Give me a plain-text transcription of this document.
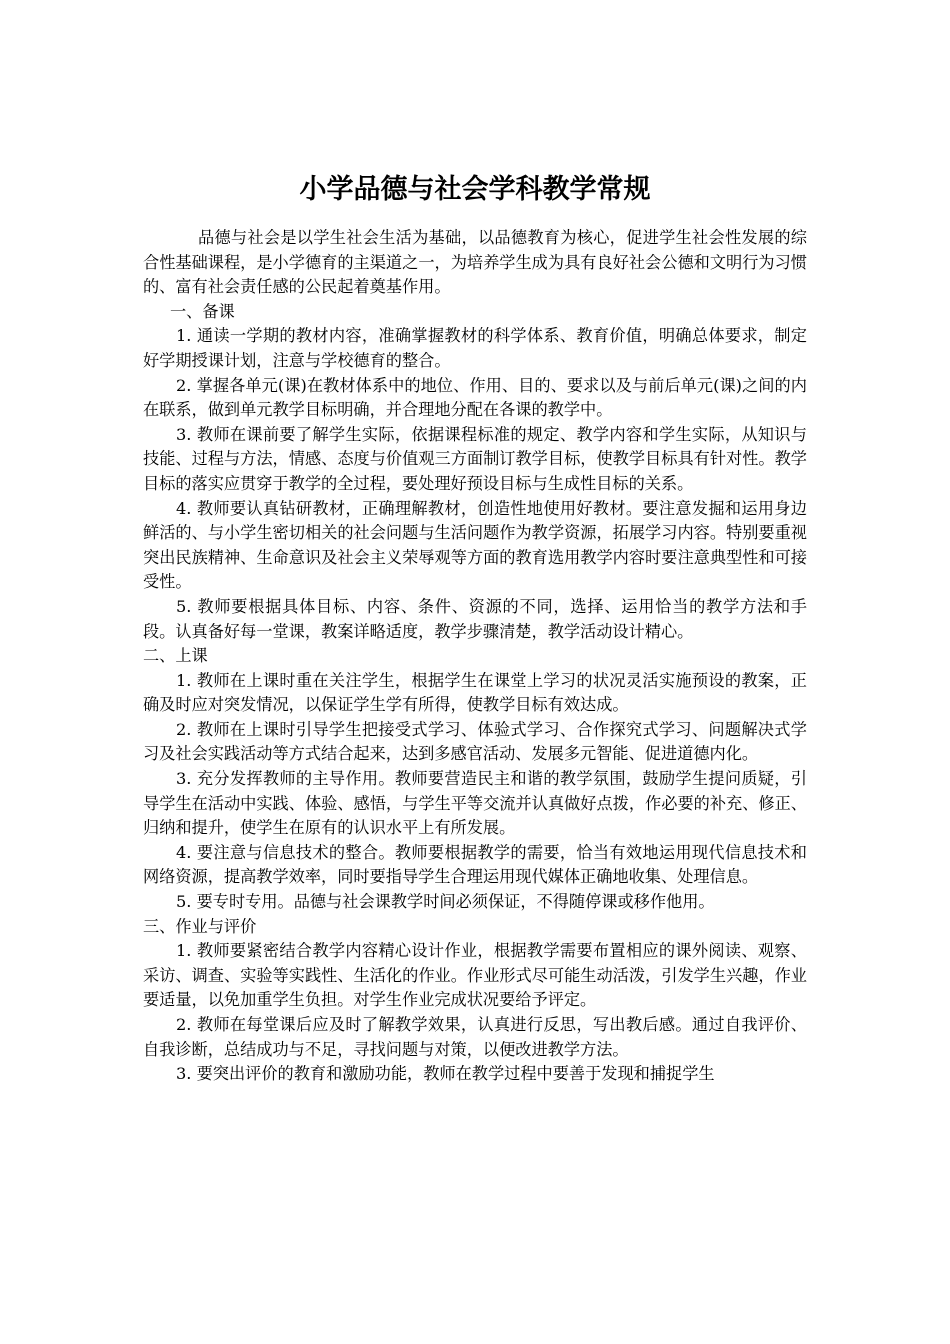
小学品德与社会学科教学常规

品德与社会是以学生社会生活为基础，以品德教育为核心，促进学生社会性发展的综合性基础课程，是小学德育的主渠道之一，为培养学生成为具有良好社会公德和文明行为习惯的、富有社会责任感的公民起着奠基作用。

一、备课

1. 通读一学期的教材内容，准确掌握教材的科学体系、教育价值，明确总体要求，制定好学期授课计划，注意与学校德育的整合。

2. 掌握各单元(课)在教材体系中的地位、作用、目的、要求以及与前后单元(课)之间的内在联系，做到单元教学目标明确，并合理地分配在各课的教学中。

3. 教师在课前要了解学生实际，依据课程标准的规定、教学内容和学生实际，从知识与技能、过程与方法，情感、态度与价值观三方面制订教学目标，使教学目标具有针对性。教学目标的落实应贯穿于教学的全过程，要处理好预设目标与生成性目标的关系。

4. 教师要认真钻研教材，正确理解教材，创造性地使用好教材。要注意发掘和运用身边鲜活的、与小学生密切相关的社会问题与生活问题作为教学资源，拓展学习内容。特别要重视突出民族精神、生命意识及社会主义荣辱观等方面的教育选用教学内容时要注意典型性和可接受性。

5. 教师要根据具体目标、内容、条件、资源的不同，选择、运用恰当的教学方法和手段。认真备好每一堂课，教案详略适度，教学步骤清楚，教学活动设计精心。

二、上课

1. 教师在上课时重在关注学生，根据学生在课堂上学习的状况灵活实施预设的教案，正确及时应对突发情况，以保证学生学有所得，使教学目标有效达成。

2. 教师在上课时引导学生把接受式学习、体验式学习、合作探究式学习、问题解决式学习及社会实践活动等方式结合起来，达到多感官活动、发展多元智能、促进道德内化。

3. 充分发挥教师的主导作用。教师要营造民主和谐的教学氛围，鼓励学生提问质疑，引导学生在活动中实践、体验、感悟，与学生平等交流并认真做好点拨，作必要的补充、修正、归纳和提升，使学生在原有的认识水平上有所发展。

4. 要注意与信息技术的整合。教师要根据教学的需要，恰当有效地运用现代信息技术和网络资源，提高教学效率，同时要指导学生合理运用现代媒体正确地收集、处理信息。

5. 要专时专用。品德与社会课教学时间必须保证，不得随停课或移作他用。

三、作业与评价

1. 教师要紧密结合教学内容精心设计作业，根据教学需要布置相应的课外阅读、观察、采访、调查、实验等实践性、生活化的作业。作业形式尽可能生动活泼，引发学生兴趣，作业要适量，以免加重学生负担。对学生作业完成状况要给予评定。

2. 教师在每堂课后应及时了解教学效果，认真进行反思，写出教后感。通过自我评价、自我诊断，总结成功与不足，寻找问题与对策，以便改进教学方法。

3. 要突出评价的教育和激励功能，教师在教学过程中要善于发现和捕捉学生
